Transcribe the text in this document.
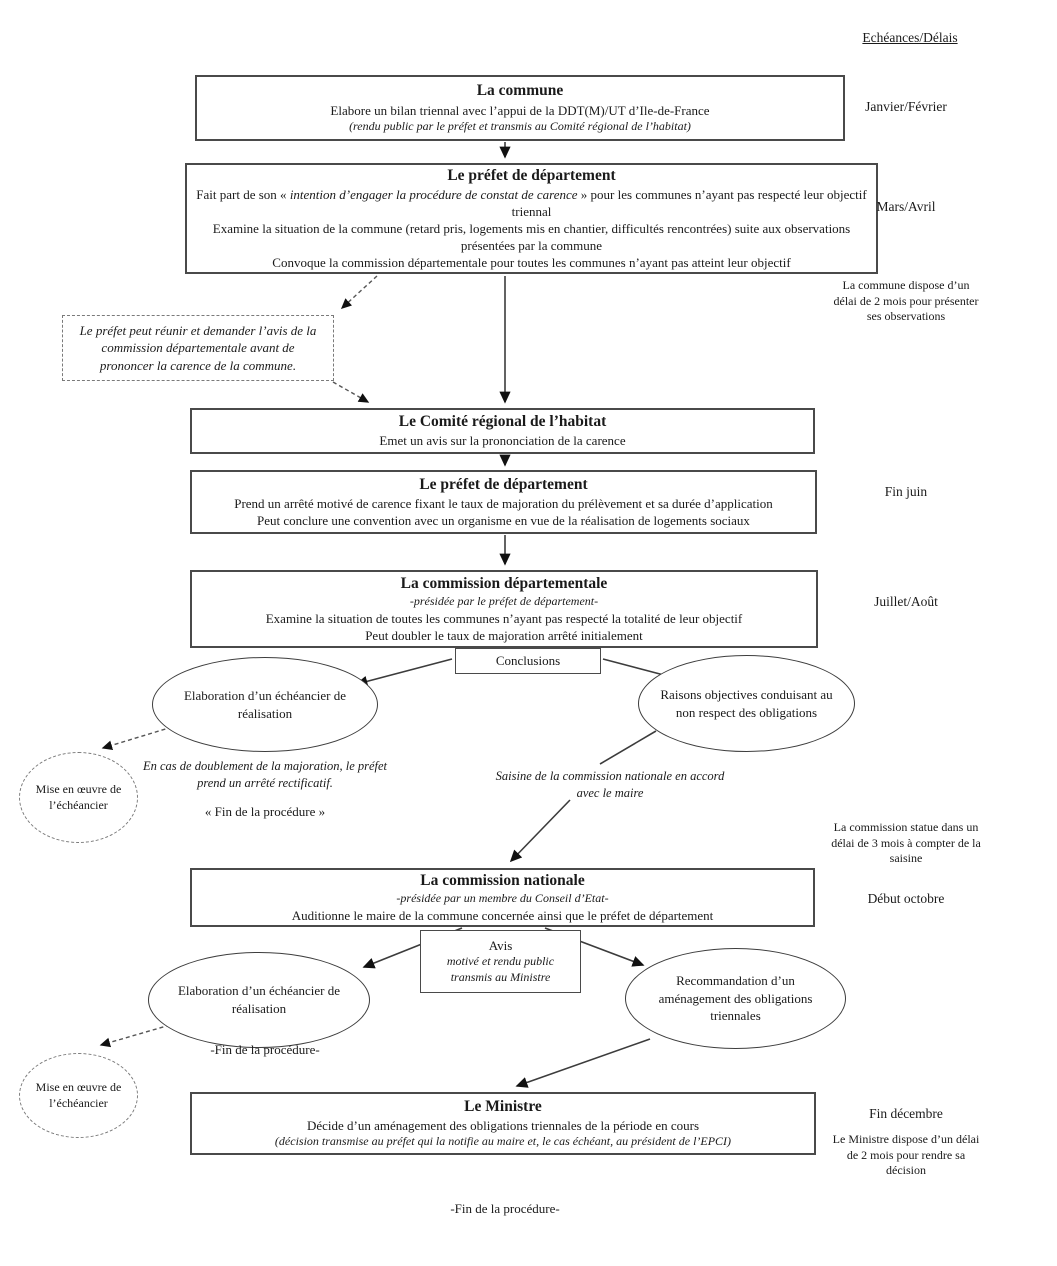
Echéances/Délais
La commune
Elabore un bilan triennal avec l’appui de la DDT(M)/UT d’Ile-de-France
(rendu public par le préfet et transmis au Comité régional de l’habitat)
Le préfet de département
Fait part de son « intention d’engager la procédure de constat de carence » pour les communes n’ayant pas respecté leur objectif triennal
Examine la situation de la commune (retard pris, logements mis en chantier, difficultés rencontrées) suite aux observations présentées par la commune
Convoque la commission départementale pour toutes les communes n’ayant pas atteint leur objectif
Le préfet peut réunir et demander l’avis de la commission départementale avant de prononcer la carence de la commune.
Le Comité régional de l’habitat
Emet un avis sur la prononciation de la carence
Le préfet de département
Prend un arrêté motivé de carence fixant le taux de majoration du prélèvement et sa durée d’application
Peut conclure une convention avec un organisme en vue de la réalisation de logements sociaux
La commission départementale
-présidée par le préfet de département-
Examine la situation de toutes les communes n’ayant pas respecté la totalité de leur objectif
Peut doubler le taux de majoration arrêté initialement
Conclusions
Elaboration d’un échéancier de réalisation
Raisons objectives conduisant au non respect des obligations
Mise en œuvre de l’échéancier
En cas de doublement de la majoration, le préfet prend un arrêté rectificatif.
« Fin de la procédure »
Saisine de la commission nationale en accord avec le maire
La commission nationale
-présidée par un membre du Conseil d’Etat-
Auditionne le maire de la commune concernée ainsi que le préfet de département
Avis
motivé et rendu public transmis au Ministre
Elaboration d’un échéancier de réalisation
Recommandation d’un aménagement des obligations triennales
-Fin de la procédure-
Mise en œuvre de l’échéancier	Le Ministre
Décide d’un aménagement des obligations triennales de la période en cours
(décision transmise au préfet qui la notifie au maire et, le cas échéant, au président de l’EPCI)
-Fin de la procédure-
Janvier/Février
Mars/Avril
La commune dispose d’un délai de 2 mois pour présenter ses observations
Fin juin
Juillet/Août
La commission statue dans un délai de 3 mois à compter de la saisine
Début octobre
Fin décembre
Le Ministre dispose d’un délai de 2 mois pour rendre sa décision
